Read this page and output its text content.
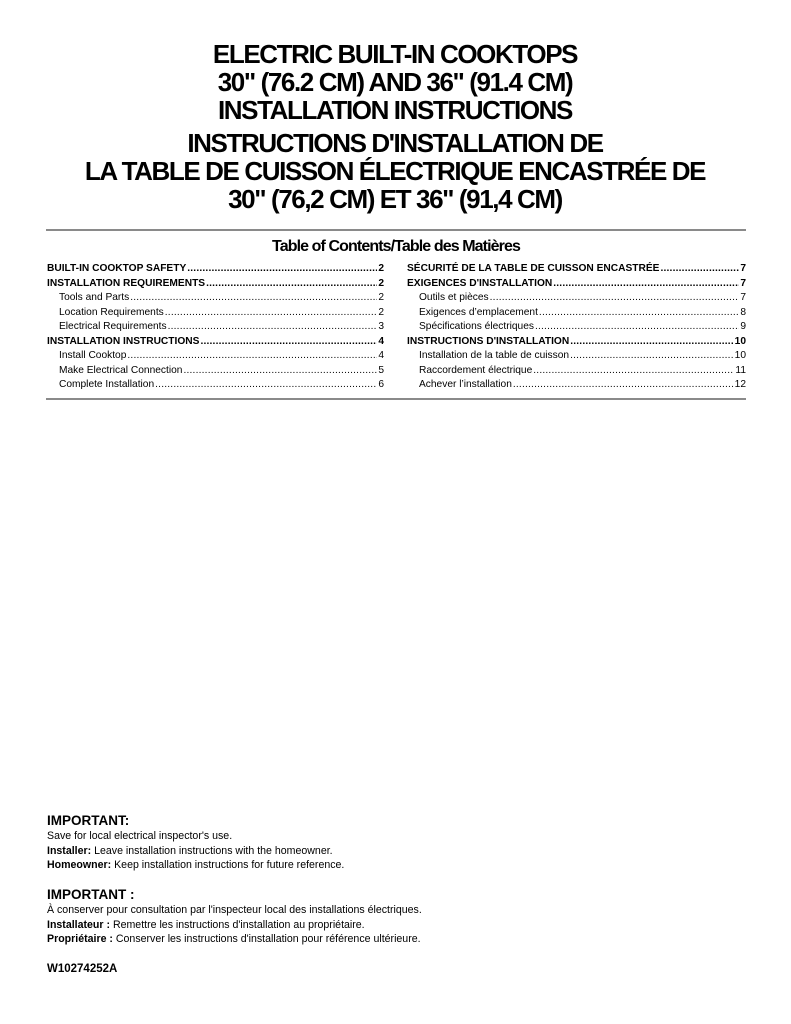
ELECTRIC BUILT-IN COOKTOPS
30" (76.2 CM) AND 36" (91.4 CM)
INSTALLATION INSTRUCTIONS
INSTRUCTIONS D'INSTALLATION DE
LA TABLE DE CUISSON ÉLECTRIQUE ENCASTRÉE DE
30" (76,2 CM) ET 36" (91,4 CM)
Table of Contents/Table des Matières
BUILT-IN COOKTOP SAFETY .....	2
INSTALLATION REQUIREMENTS .....	2
Tools and Parts .....	2
Location Requirements .....	2
Electrical Requirements .....	3
INSTALLATION INSTRUCTIONS .....	4
Install Cooktop .....	4
Make Electrical Connection .....	5
Complete Installation .....	6
SÉCURITÉ DE LA TABLE DE CUISSON ENCASTRÉE .....	7
EXIGENCES D'INSTALLATION .....	7
Outils et pièces .....	7
Exigences d’emplacement .....	8
Spécifications électriques .....	9
INSTRUCTIONS D'INSTALLATION .....	10
Installation de la table de cuisson .....	10
Raccordement électrique .....	11
Achever l’installation .....	12
IMPORTANT:
Save for local electrical inspector's use.
Installer: Leave installation instructions with the homeowner.
Homeowner: Keep installation instructions for future reference.
IMPORTANT :
À conserver pour consultation par l'inspecteur local des installations électriques.
Installateur : Remettre les instructions d'installation au propriétaire.
Propriétaire : Conserver les instructions d'installation pour référence ultérieure.
W10274252A
